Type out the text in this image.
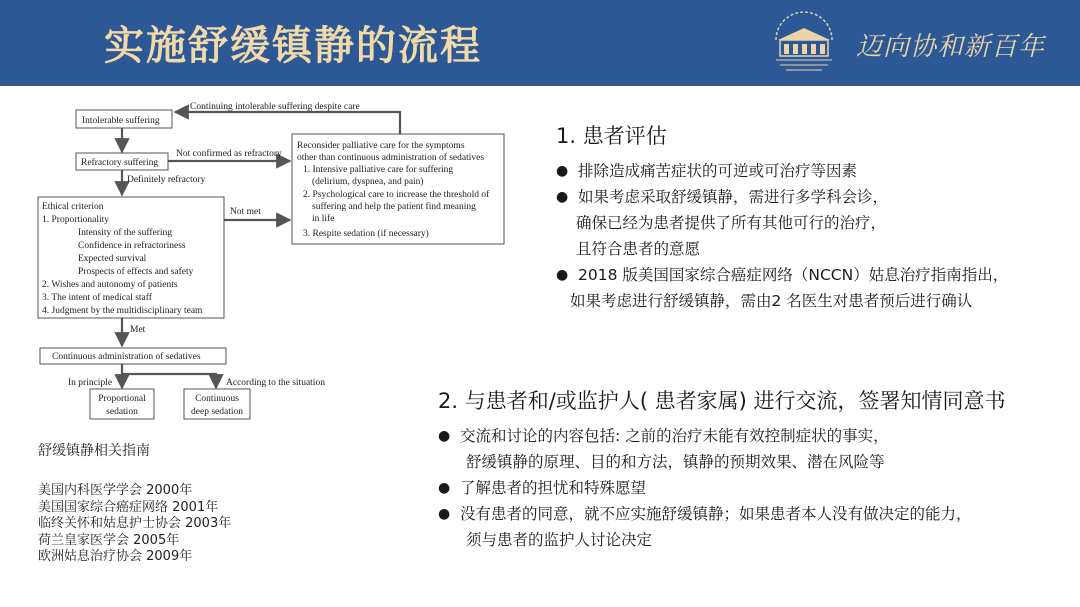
实施舒缓镇静的流程	迈向协和新百年
Intolerable suffering
Continuing intolerable suffering despite care
Refractory suffering
Not confirmed as refractory
Definitely refractory
Reconsider palliative care for the symptoms
other than continuous administration of sedatives
1. Intensive palliative care for suffering
(delirium, dyspnea, and pain)
2. Psychological care to increase the threshold of
suffering and help the patient find meaning
in life
3. Respite sedation (if necessary)
Ethical criterion
1. Proportionality
Intensity of the suffering
Confidence in refractoriness
Expected survival
Prospects of effects and safety
2. Wishes and autonomy of patients
3. The intent of medical staff
4. Judgment by the multidisciplinary team
Not met
Met
Continuous administration of sedatives
In principle	According to the situation
Proportional
sedation
Continuous
deep sedation
舒缓镇静相关指南
美国内科医学学会 2000年
美国国家综合癌症网络 2001年
临终关怀和姑息护士协会 2003年
荷兰皇家医学会 2005年
欧洲姑息治疗协会 2009年
1. 患者评估
● 排除造成痛苦症状的可逆或可治疗等因素
● 如果考虑采取舒缓镇静，需进行多学科会诊，
确保已经为患者提供了所有其他可行的治疗，
且符合患者的意愿
● 2018 版美国国家综合癌症网络（NCCN）姑息治疗指南指出，
如果考虑进行舒缓镇静，需由2 名医生对患者预后进行确认
2. 与患者和/或监护人( 患者家属) 进行交流，签署知情同意书
● 交流和讨论的内容包括: 之前的治疗未能有效控制症状的事实，
舒缓镇静的原理、目的和方法，镇静的预期效果、潜在风险等
● 了解患者的担忧和特殊愿望
● 没有患者的同意，就不应实施舒缓镇静；如果患者本人没有做决定的能力，
须与患者的监护人讨论决定
